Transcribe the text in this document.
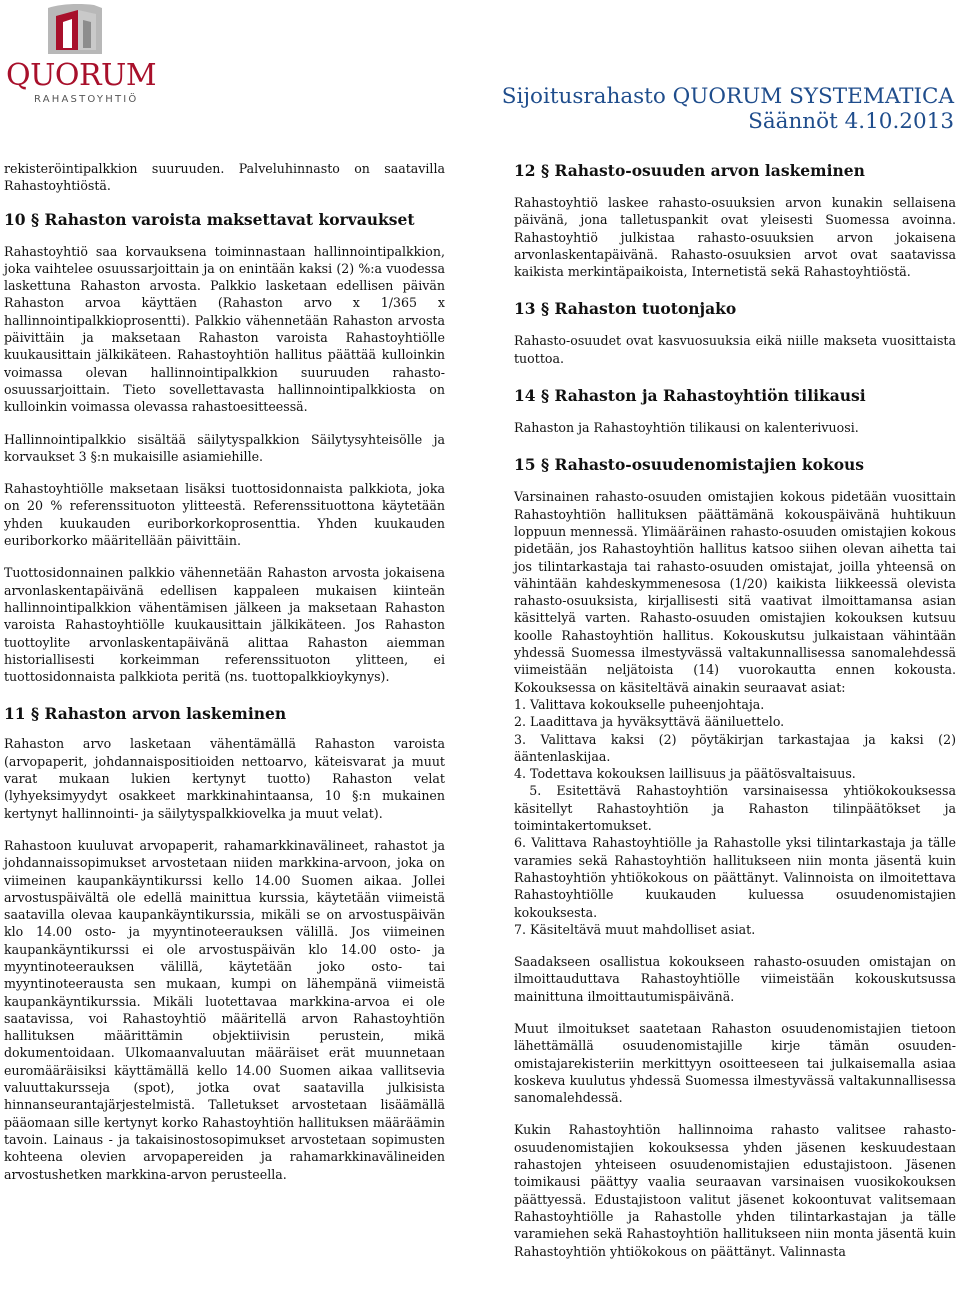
QUORUM
RAHASTOYHTIÖ	Sijoitusrahasto QUORUM SYSTEMATICA
Säännöt 4.10.2013

rekisteröintipalkkion suuruuden. Palveluhinnasto on saatavilla Rahastoyhtiöstä.

10 § Rahaston varoista maksettavat korvaukset

Rahastoyhtiö saa korvauksena toiminnastaan hallinnointipalkkion, joka vaihtelee osuussarjoittain ja on enintään kaksi (2) %:a vuodessa laskettuna Rahaston arvosta. Palkkio lasketaan edellisen päivän Rahaston arvoa käyttäen (Rahaston arvo x 1/365 x hallinnointipalkkioprosentti). Palkkio vähennetään Rahaston arvosta päivittäin ja maksetaan Rahaston varoista Rahastoyhtiölle kuukausittain jälkikäteen. Rahastoyhtiön hallitus päättää kulloinkin voimassa olevan hallinnointipalkkion suuruuden rahasto-osuussarjoittain. Tieto sovellettavasta hallinnointipalkkiosta on kulloinkin voimassa olevassa rahastoesitteessä.

Hallinnointipalkkio sisältää säilytyspalkkion Säilytysyhteisölle ja korvaukset 3 §:n mukaisille asiamiehille.

Rahastoyhtiölle maksetaan lisäksi tuottosidonnaista palkkiota, joka on 20 % referenssituoton ylitteestä. Referenssituottona käytetään yhden kuukauden euriborkorkoprosenttia. Yhden kuukauden euriborkorko määritellään päivittäin.

Tuottosidonnainen palkkio vähennetään Rahaston arvosta jokaisena arvonlaskentapäivänä edellisen kappaleen mukaisen kiinteän hallinnointipalkkion vähentämisen jälkeen ja maksetaan Rahaston varoista Rahastoyhtiölle kuukausittain jälkikäteen. Jos Rahaston tuottoylite arvonlaskentapäivänä alittaa Rahaston aiemman historiallisesti korkeimman referenssituoton ylitteen, ei tuottosidonnaista palkkiota peritä (ns. tuottopalkkioykynys).

11 § Rahaston arvon laskeminen

Rahaston arvo lasketaan vähentämällä Rahaston varoista (arvopaperit, johdannaispositioiden nettoarvo, käteisvarat ja muut varat mukaan lukien kertynyt tuotto) Rahaston velat (lyhyeksimyydyt osakkeet markkinahintaansa, 10 §:n mukainen kertynyt hallinnointi- ja säilytyspalkkiovelka ja muut velat).

Rahastoon kuuluvat arvopaperit, rahamarkkinavälineet, rahastot ja johdannaissopimukset arvostetaan niiden markkina-arvoon, joka on viimeinen kaupankäyntikurssi kello 14.00 Suomen aikaa. Jollei arvostuspäivältä ole edellä mainittua kurssia, käytetään viimeistä saatavilla olevaa kaupankäyntikurssia, mikäli se on arvostuspäivän klo 14.00 osto- ja myyntinoteerauksen välillä. Jos viimeinen kaupankäyntikurssi ei ole arvostuspäivän klo 14.00 osto- ja myyntinoteerauksen välillä, käytetään joko osto- tai myyntinoteerausta sen mukaan, kumpi on lähempänä viimeistä kaupankäyntikurssia. Mikäli luotettavaa markkina-arvoa ei ole saatavissa, voi Rahastoyhtiö määritellä arvon Rahastoyhtiön hallituksen määrittämin objektiivisin perustein, mikä dokumentoidaan. Ulkomaanvaluutan määräiset erät muunnetaan euromääräisiksi käyttämällä kello 14.00 Suomen aikaa vallitsevia valuuttakursseja (spot), jotka ovat saatavilla julkisista hinnanseurantajärjestelmistä. Talletukset arvostetaan lisäämällä pääomaan sille kertynyt korko Rahastoyhtiön hallituksen määräämin tavoin. Lainaus - ja takaisinostosopimukset arvostetaan sopimusten kohteena olevien arvopapereiden ja rahamarkkinavälineiden arvostushetken markkina-arvon perusteella.

12 § Rahasto-osuuden arvon laskeminen

Rahastoyhtiö laskee rahasto-osuuksien arvon kunakin sellaisena päivänä, jona talletuspankit ovat yleisesti Suomessa avoinna. Rahastoyhtiö julkistaa rahasto-osuuksien arvon jokaisena arvonlaskentapäivänä. Rahasto-osuuksien arvot ovat saatavissa kaikista merkintäpaikoista, Internetistä sekä Rahastoyhtiöstä.

13 § Rahaston tuotonjako

Rahasto-osuudet ovat kasvuosuuksia eikä niille makseta vuosittaista tuottoa.

14 § Rahaston ja Rahastoyhtiön tilikausi

Rahaston ja Rahastoyhtiön tilikausi on kalenterivuosi.

15 § Rahasto-osuudenomistajien kokous

Varsinainen rahasto-osuuden omistajien kokous pidetään vuosittain Rahastoyhtiön hallituksen päättämänä kokouspäivänä huhtikuun loppuun mennessä. Ylimääräinen rahasto-osuuden omistajien kokous pidetään, jos Rahastoyhtiön hallitus katsoo siihen olevan aihetta tai jos tilintarkastaja tai rahasto-osuuden omistajat, joilla yhteensä on vähintään kahdeskymmenesosa (1/20) kaikista liikkeessä olevista rahasto-osuuksista, kirjallisesti sitä vaativat ilmoittamansa asian käsittelyä varten. Rahasto-osuuden omistajien kokouksen kutsuu koolle Rahastoyhtiön hallitus. Kokouskutsu julkaistaan vähintään yhdessä Suomessa ilmestyvässä valtakunnallisessa sanomalehdessä viimeistään neljätoista (14) vuorokautta ennen kokousta. Kokouksessa on käsiteltävä ainakin seuraavat asiat:

1. Valittava kokoukselle puheenjohtaja.

2. Laadittava ja hyväksyttävä ääniluettelo.

3. Valittava kaksi (2) pöytäkirjan tarkastajaa ja kaksi (2) ääntenlaskijaa.

4. Todettava kokouksen laillisuus ja päätösvaltaisuus.

5. Esitettävä Rahastoyhtiön varsinaisessa yhtiökokouksessa käsitellyt Rahastoyhtiön ja Rahaston tilinpäätökset ja toimintakertomukset.

6. Valittava Rahastoyhtiölle ja Rahastolle yksi tilintarkastaja ja tälle varamies sekä Rahastoyhtiön hallitukseen niin monta jäsentä kuin Rahastoyhtiön yhtiökokous on päättänyt. Valinnoista on ilmoitettava Rahastoyhtiölle kuukauden kuluessa osuudenomistajien kokouksesta.

7. Käsiteltävä muut mahdolliset asiat.

Saadakseen osallistua kokoukseen rahasto-osuuden omistajan on ilmoittauduttava Rahastoyhtiölle viimeistään kokouskutsussa mainittuna ilmoittautumispäivänä.

Muut ilmoitukset saatetaan Rahaston osuudenomistajien tietoon lähettämällä osuudenomistajille kirje tämän osuuden-omistajarekisteriin merkittyyn osoitteeseen tai julkaisemalla asiaa koskeva kuulutus yhdessä Suomessa ilmestyvässä valtakunnallisessa sanomalehdessä.

Kukin Rahastoyhtiön hallinnoima rahasto valitsee rahasto-osuudenomistajien kokouksessa yhden jäsenen keskuudestaan rahastojen yhteiseen osuudenomistajien edustajistoon. Jäsenen toimikausi päättyy vaalia seuraavan varsinaisen vuosikokouksen päättyessä. Edustajistoon valitut jäsenet kokoontuvat valitsemaan Rahastoyhtiölle ja Rahastolle yhden tilintarkastajan ja tälle varamiehen sekä Rahastoyhtiön hallitukseen niin monta jäsentä kuin Rahastoyhtiön yhtiökokous on päättänyt. Valinnasta
